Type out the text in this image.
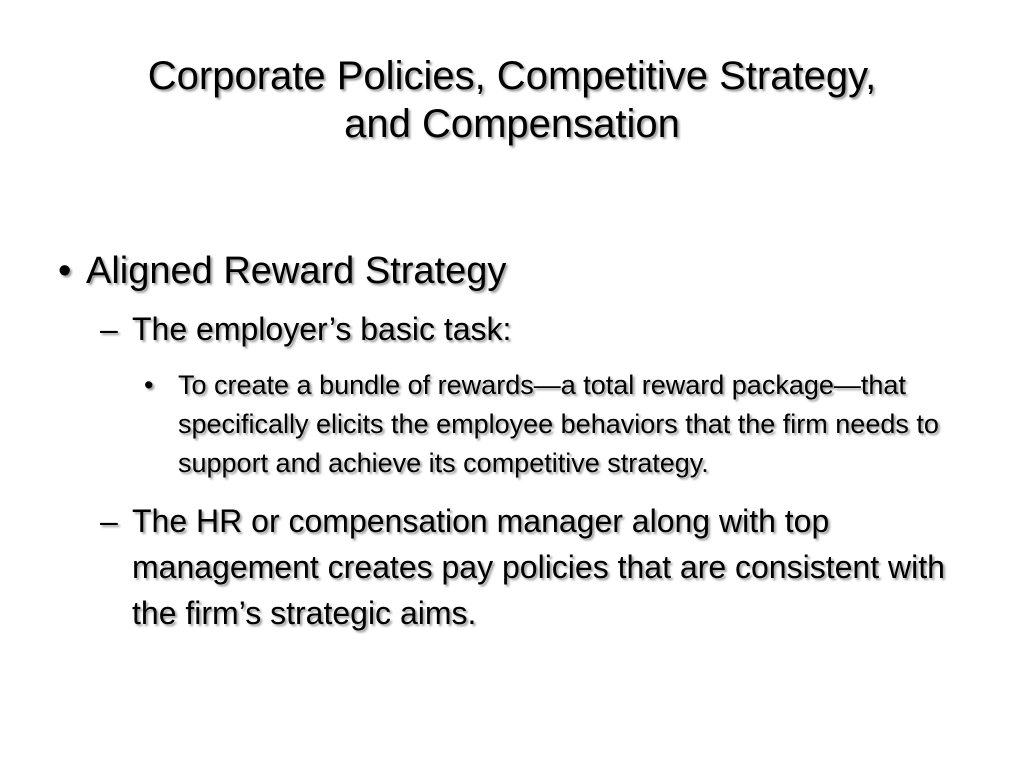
Corporate Policies, Competitive Strategy,
and Compensation
• Aligned Reward Strategy
– The employer’s basic task:
• To create a bundle of rewards—a total reward package—that specifically elicits the employee behaviors that the firm needs to support and achieve its competitive strategy.
– The HR or compensation manager along with top management creates pay policies that are consistent with the firm’s strategic aims.
